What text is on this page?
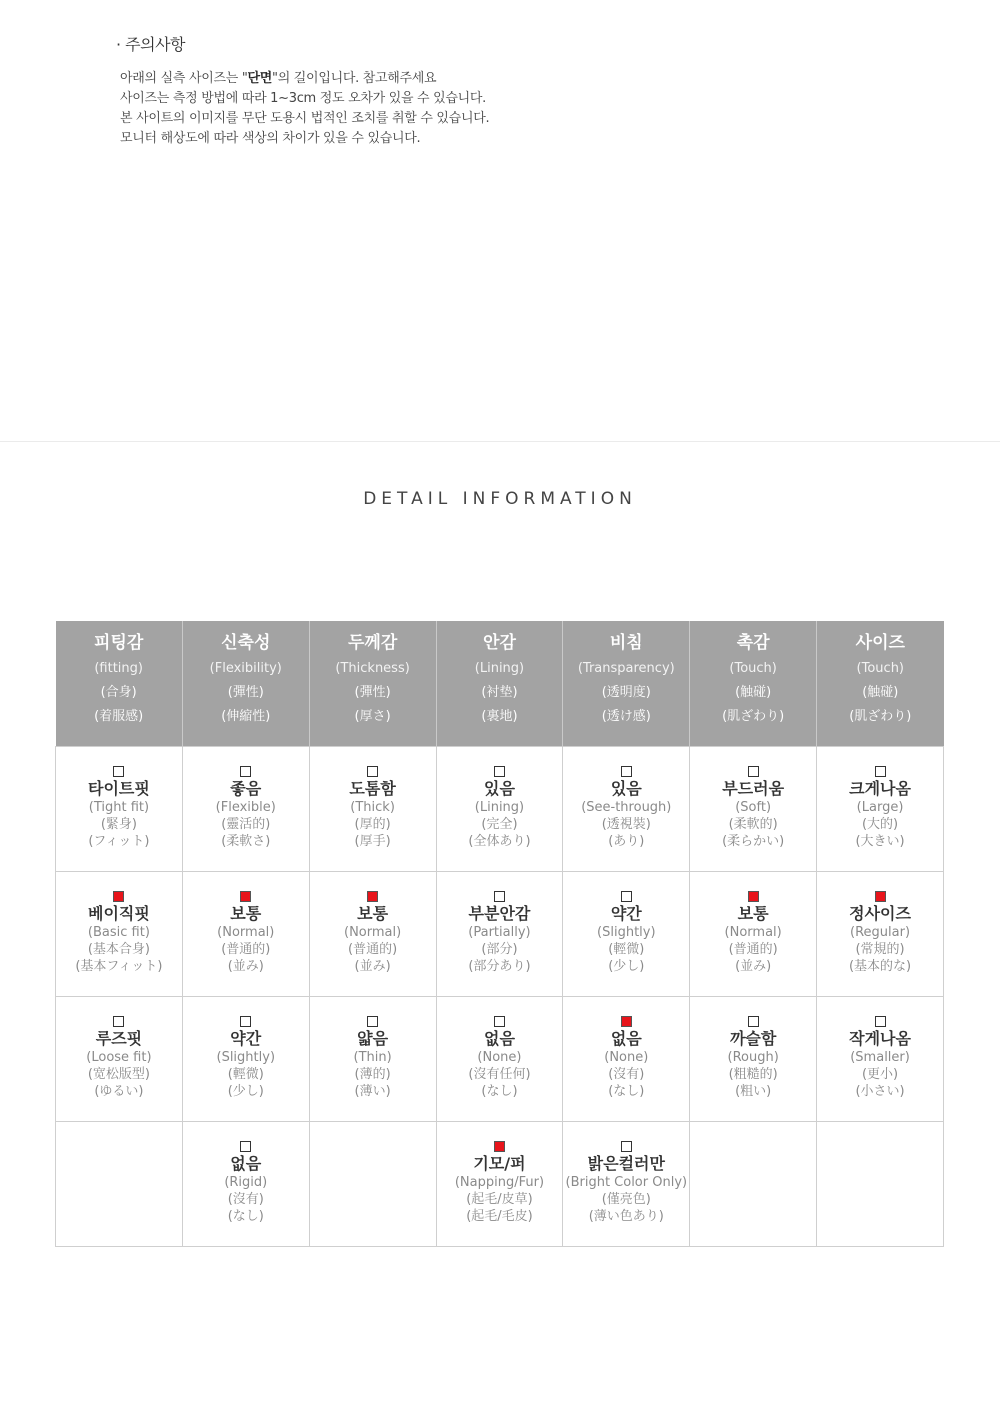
· 주의사항
아래의 실측 사이즈는 "단면"의 길이입니다. 참고해주세요
사이즈는 측정 방법에 따라 1~3cm 정도 오차가 있을 수 있습니다.
본 사이트의 이미지를 무단 도용시 법적인 조치를 취할 수 있습니다.
모니터 해상도에 따라 색상의 차이가 있을 수 있습니다.
DETAIL INFORMATION
피팅감
(fitting)
(合身)
(着服感)	신축성
(Flexibility)
(彈性)
(伸縮性)	두께감
(Thickness)
(彈性)
(厚さ)	안감
(Lining)
(衬垫)
(裏地)	비침
(Transparency)
(透明度)
(透け感)	촉감
(Touch)
(触碰)
(肌ざわり)	사이즈
(Touch)
(触碰)
(肌ざわり)

타이트핏
(Tight fit)
(緊身)
(フィット)	좋음
(Flexible)
(靈活的)
(柔軟さ)	도톰함
(Thick)
(厚的)
(厚手)	있음
(Lining)
(完全)
(全体あり)	있음
(See-through)
(透視裝)
(あり)	부드러움
(Soft)
(柔軟的)
(柔らかい)	크게나옴
(Large)
(大的)
(大きい)

베이직핏
(Basic fit)
(基本合身)
(基本フィット)	보통
(Normal)
(普通的)
(並み)	보통
(Normal)
(普通的)
(並み)	부분안감
(Partially)
(部分)
(部分あり)	약간
(Slightly)
(輕微)
(少し)	보통
(Normal)
(普通的)
(並み)	정사이즈
(Regular)
(常規的)
(基本的な)

루즈핏
(Loose fit)
(宽松版型)
(ゆるい)	약간
(Slightly)
(輕微)
(少し)	얇음
(Thin)
(薄的)
(薄い)	없음
(None)
(沒有任何)
(なし)	없음
(None)
(沒有)
(なし)	까슬함
(Rough)
(粗糙的)
(粗い)	작게나옴
(Smaller)
(更小)
(小さい)

	없음
(Rigid)
(沒有)
(なし)		기모/퍼
(Napping/Fur)
(起毛/皮草)
(起毛/毛皮)	밝은컬러만
(Bright Color Only)
(僅亮色)
(薄い色あり)		
